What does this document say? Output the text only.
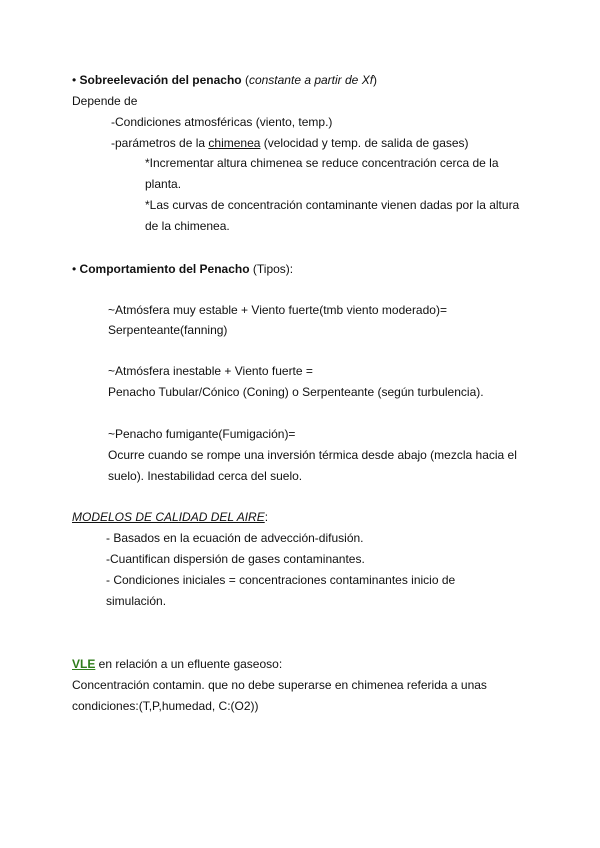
• Sobreelevación del penacho (constante a partir de Xf)
Depende de
-Condiciones atmosféricas (viento, temp.)
-parámetros de la chimenea (velocidad y temp. de salida de gases)
*Incrementar altura chimenea se reduce concentración cerca de la
planta.
*Las curvas de concentración contaminante vienen dadas por la altura
de la chimenea.
• Comportamiento del Penacho (Tipos):
~Atmósfera muy estable + Viento fuerte(tmb viento moderado)=
Serpenteante(fanning)
~Atmósfera inestable + Viento fuerte =
Penacho Tubular/Cónico (Coning) o Serpenteante (según turbulencia).
~Penacho fumigante(Fumigación)=
Ocurre cuando se rompe una inversión térmica desde abajo (mezcla hacia el
suelo). Inestabilidad cerca del suelo.
MODELOS DE CALIDAD DEL AIRE:
- Basados en la ecuación de advección-difusión.
-Cuantifican dispersión de gases contaminantes.
- Condiciones iniciales = concentraciones contaminantes inicio de
simulación.
VLE en relación a un efluente gaseoso:
Concentración contamin. que no debe superarse en chimenea referida a unas
condiciones:(T,P,humedad, C:(O2))
